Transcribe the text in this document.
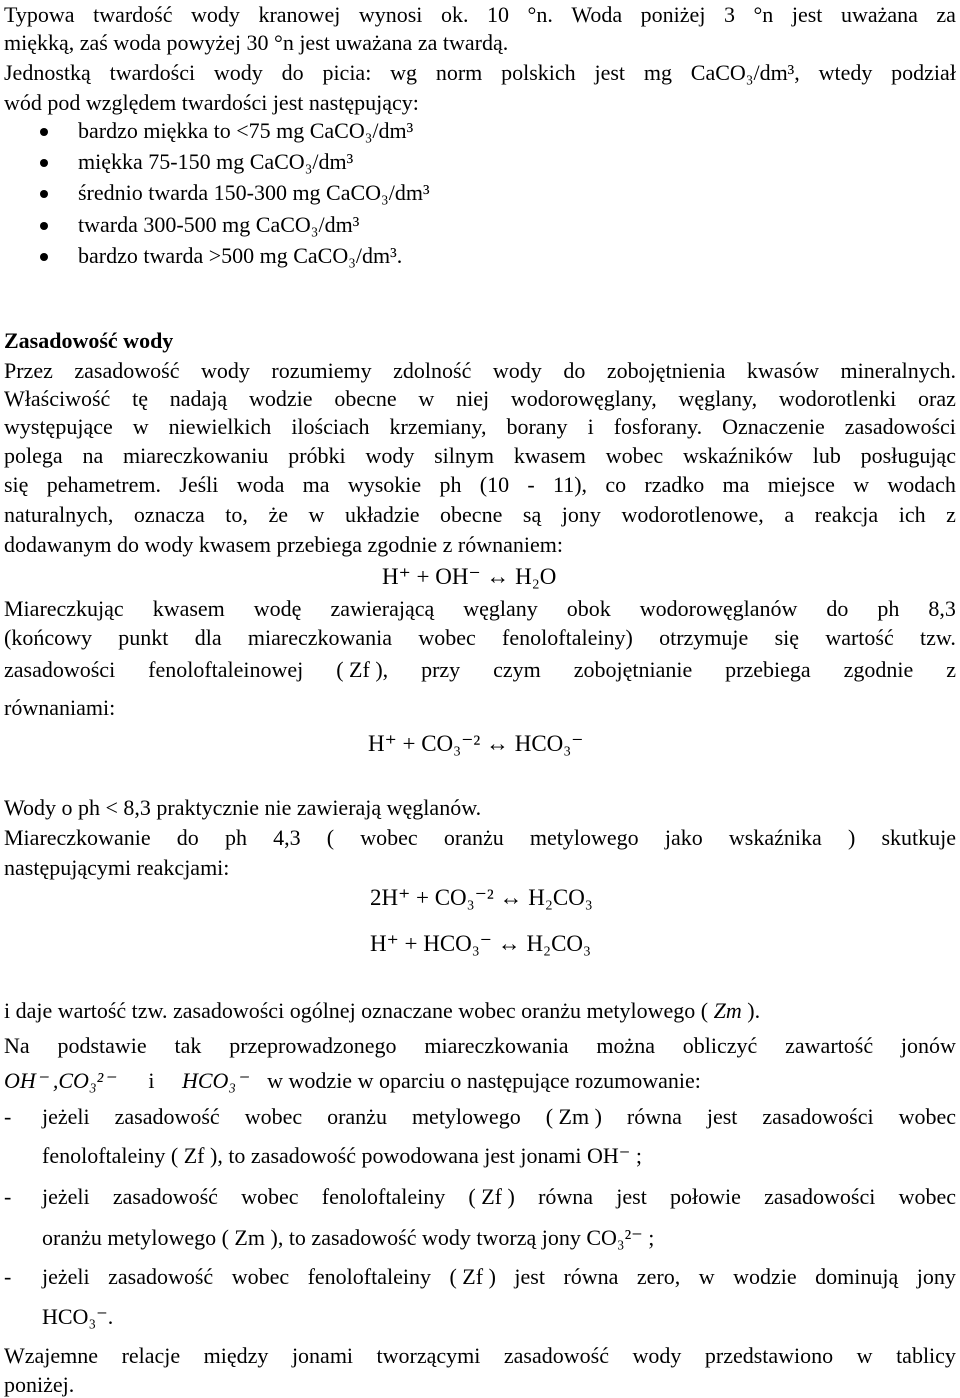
Typowa twardość wody kranowej wynosi ok. 10 °n. Woda poniżej 3 °n jest uważana za
miękką, zaś woda powyżej 30 °n jest uważana za twardą.
Jednostką twardości wody do picia: wg norm polskich jest mg CaCO₃/dm³, wtedy podział
wód pod względem twardości jest następujący:
bardzo miękka to <75 mg CaCO₃/dm³
miękka 75-150 mg CaCO₃/dm³
średnio twarda 150-300 mg CaCO₃/dm³
twarda 300-500 mg CaCO₃/dm³
bardzo twarda >500 mg CaCO₃/dm³.
Zasadowość wody
Przez zasadowość wody rozumiemy zdolność wody do zobojętnienia kwasów mineralnych.
Właściwość tę nadają wodzie obecne w niej wodorowęglany, węglany, wodorotlenki oraz
występujące w niewielkich ilościach krzemiany, borany i fosforany. Oznaczenie zasadowości
polega na miareczkowaniu próbki wody silnym kwasem wobec wskaźników lub posługując
się pehametrem. Jeśli woda ma wysokie ph (10 - 11), co rzadko ma miejsce w wodach
naturalnych, oznacza to, że w układzie obecne są jony wodorotlenowe, a reakcja ich z
dodawanym do wody kwasem przebiega zgodnie z równaniem:
H⁺ + OH⁻ ↔ H₂O
Miareczkując kwasem wodę zawierającą węglany obok wodorowęglanów do ph 8,3
(końcowy punkt dla miareczkowania wobec fenoloftaleiny) otrzymuje się wartość tzw.
zasadowości fenoloftaleinowej ( Zf ), przy czym zobojętnianie przebiega zgodnie z
równaniami:
H⁺ + CO₃⁻² ↔ HCO₃⁻
Wody o ph < 8,3 praktycznie nie zawierają węglanów.
Miareczkowanie do ph 4,3 ( wobec oranżu metylowego jako wskaźnika ) skutkuje
następującymi reakcjami:
2H⁺ + CO₃⁻² ↔ H₂CO₃
H⁺ + HCO₃⁻ ↔ H₂CO₃
i daje wartość tzw. zasadowości ogólnej oznaczane wobec oranżu metylowego ( Zm ).
Na podstawie tak przeprowadzonego miareczkowania można obliczyć zawartość jonów
OH⁻ ,CO₃²⁻ i HCO₃⁻ w wodzie w oparciu o następujące rozumowanie:
- jeżeli zasadowość wobec oranżu metylowego ( Zm ) równa jest zasadowości wobec
fenoloftaleiny ( Zf ), to zasadowość powodowana jest jonami OH⁻ ;
- jeżeli zasadowość wobec fenoloftaleiny ( Zf ) równa jest połowie zasadowości wobec
oranżu metylowego ( Zm ), to zasadowość wody tworzą jony CO₃²⁻ ;
- jeżeli zasadowość wobec fenoloftaleiny ( Zf ) jest równa zero, w wodzie dominują jony
HCO₃⁻.
Wzajemne relacje między jonami tworzącymi zasadowość wody przedstawiono w tablicy
poniżej.
